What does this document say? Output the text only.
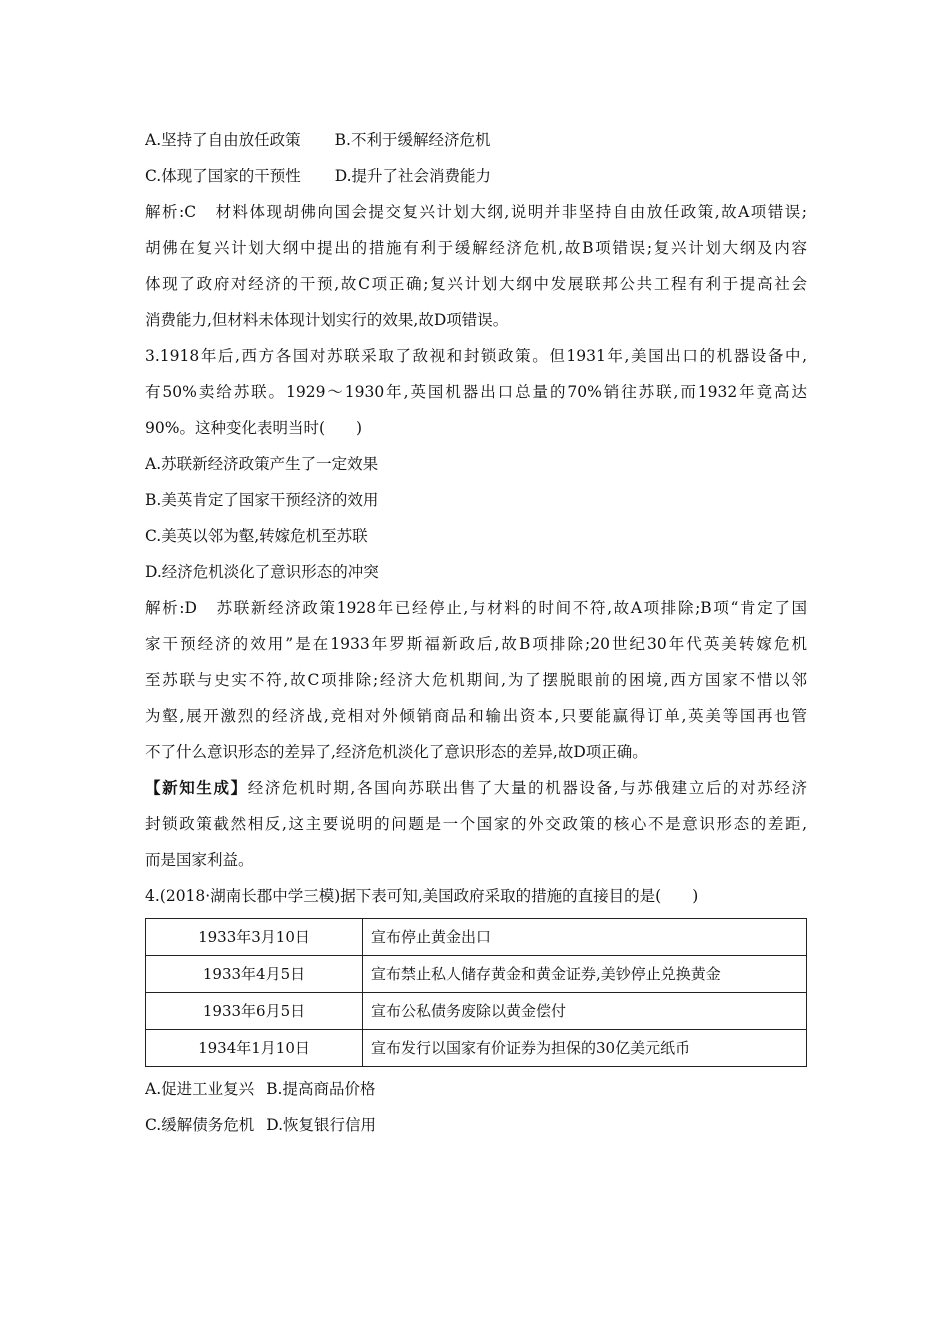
A.坚持了自由放任政策 B.不利于缓解经济危机
C.体现了国家的干预性 D.提升了社会消费能力
解析:C 材料体现胡佛向国会提交复兴计划大纲,说明并非坚持自由放任政策,故A项错误;
胡佛在复兴计划大纲中提出的措施有利于缓解经济危机,故B项错误;复兴计划大纲及内容
体现了政府对经济的干预,故C项正确;复兴计划大纲中发展联邦公共工程有利于提高社会
消费能力,但材料未体现计划实行的效果,故D项错误。
3.1918年后,西方各国对苏联采取了敌视和封锁政策。但1931年,美国出口的机器设备中,
有50%卖给苏联。1929～1930年,英国机器出口总量的70%销往苏联,而1932年竟高达
90%。这种变化表明当时(　　)
A.苏联新经济政策产生了一定效果
B.美英肯定了国家干预经济的效用
C.美英以邻为壑,转嫁危机至苏联
D.经济危机淡化了意识形态的冲突
解析:D 苏联新经济政策1928年已经停止,与材料的时间不符,故A项排除;B项“肯定了国
家干预经济的效用”是在1933年罗斯福新政后,故B项排除;20世纪30年代英美转嫁危机
至苏联与史实不符,故C项排除;经济大危机期间,为了摆脱眼前的困境,西方国家不惜以邻
为壑,展开激烈的经济战,竞相对外倾销商品和输出资本,只要能赢得订单,英美等国再也管
不了什么意识形态的差异了,经济危机淡化了意识形态的差异,故D项正确。
【新知生成】经济危机时期,各国向苏联出售了大量的机器设备,与苏俄建立后的对苏经济
封锁政策截然相反,这主要说明的问题是一个国家的外交政策的核心不是意识形态的差距,
而是国家利益。
4.(2018·湖南长郡中学三模)据下表可知,美国政府采取的措施的直接目的是(　　)
1933年3月10日	宣布停止黄金出口
1933年4月5日	宣布禁止私人储存黄金和黄金证券,美钞停止兑换黄金
1933年6月5日	宣布公私债务废除以黄金偿付
1934年1月10日	宣布发行以国家有价证券为担保的30亿美元纸币
A.促进工业复兴 B.提高商品价格
C.缓解债务危机 D.恢复银行信用
